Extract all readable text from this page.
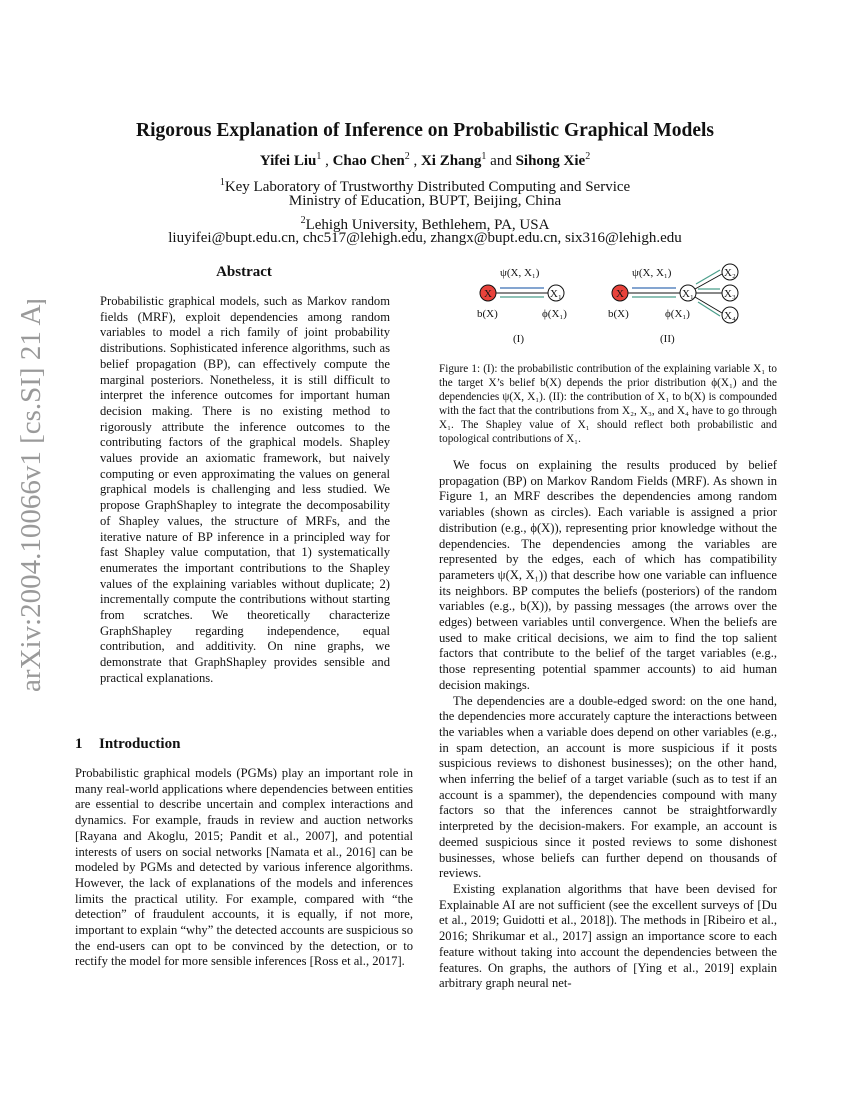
arXiv:2004.10066v1 [cs.SI] 21 Apr 2020
Rigorous Explanation of Inference on Probabilistic Graphical Models
Yifei Liu$^1$ , Chao Chen$^2$ , Xi Zhang$^1$ and Sihong Xie$^2$
$^1$Key Laboratory of Trustworthy Distributed Computing and Service
Ministry of Education, BUPT, Beijing, China
$^2$Lehigh University, Bethlehem, PA, USA
liuyifei@bupt.edu.cn, chc517@lehigh.edu, zhangx@bupt.edu.cn, six316@lehigh.edu
Abstract
Probabilistic graphical models, such as Markov random fields (MRF), exploit dependencies among random variables to model a rich family of joint probability distributions. Sophisticated inference algorithms, such as belief propagation (BP), can effectively compute the marginal posteriors. Nonetheless, it is still difficult to interpret the inference outcomes for important human decision making. There is no existing method to rigorously attribute the inference outcomes to the contributing factors of the graphical models. Shapley values provide an axiomatic framework, but naively computing or even approximating the values on general graphical models is challenging and less studied. We propose GraphShapley to integrate the decomposability of Shapley values, the structure of MRFs, and the iterative nature of BP inference in a principled way for fast Shapley value computation, that 1) systematically enumerates the important contributions to the Shapley values of the explaining variables without duplicate; 2) incrementally compute the contributions without starting from scratches. We theoretically characterize GraphShapley regarding independence, equal contribution, and additivity. On nine graphs, we demonstrate that GraphShapley provides sensible and practical explanations.
1 Introduction

Probabilistic graphical models (PGMs) play an important role in many real-world applications where dependencies between entities are essential to describe uncertain and complex interactions and dynamics. For example, frauds in review and auction networks [Rayana and Akoglu, 2015; Pandit et al., 2007], and potential interests of users on social networks [Namata et al., 2016] can be modeled by PGMs and detected by various inference algorithms. However, the lack of explanations of the models and inferences limits the practical utility. For example, compared with “the detection” of fraudulent accounts, it is equally, if not more, important to explain “why” the detected accounts are suspicious so the end-users can opt to be convinced by the detection, or to rectify the model for more sensible inferences [Ross et al., 2017].

ψ(X, X₁)
X	X₁
b(X)	ϕ(X₁)
(I)
ψ(X, X₁)
X	X₁
X₂
X₃
X₄
b(X)	ϕ(X₁)
(II)
Figure 1: (I): the probabilistic contribution of the explaining variable X₁ to the target X’s belief b(X) depends the prior distribution ϕ(X₁) and the dependencies ψ(X, X₁). (II): the contribution of X₁ to b(X) is compounded with the fact that the contributions from X₂, X₃, and X₄ have to go through X₁. The Shapley value of X₁ should reflect both probabilistic and topological contributions of X₁.

We focus on explaining the results produced by belief propagation (BP) on Markov Random Fields (MRF). As shown in Figure 1, an MRF describes the dependencies among random variables (shown as circles). Each variable is assigned a prior distribution (e.g., ϕ(X)), representing prior knowledge without the dependencies. The dependencies among the variables are represented by the edges, each of which has compatibility parameters ψ(X, X₁)) that describe how one variable can influence its neighbors. BP computes the beliefs (posteriors) of the random variables (e.g., b(X)), by passing messages (the arrows over the edges) between variables until convergence. When the beliefs are used to make critical decisions, we aim to find the top salient factors that contribute to the belief of the target variables (e.g., those representing potential spammer accounts) to aid human decision makings.

The dependencies are a double-edged sword: on the one hand, the dependencies more accurately capture the interactions between the variables when a variable does depend on other variables (e.g., in spam detection, an account is more suspicious if it posts suspicious reviews to dishonest businesses); on the other hand, when inferring the belief of a target variable (such as to test if an account is a spammer), the dependencies compound with many factors so that the inferences cannot be straightforwardly interpreted by the decision-makers. For example, an account is deemed suspicious since it posted reviews to some dishonest businesses, whose beliefs can further depend on thousands of reviews.

Existing explanation algorithms that have been devised for Explainable AI are not sufficient (see the excellent surveys of [Du et al., 2019; Guidotti et al., 2018]). The methods in [Ribeiro et al., 2016; Shrikumar et al., 2017] assign an importance score to each feature without taking into account the dependencies between the features. On graphs, the authors of [Ying et al., 2019] explain arbitrary graph neural net-
